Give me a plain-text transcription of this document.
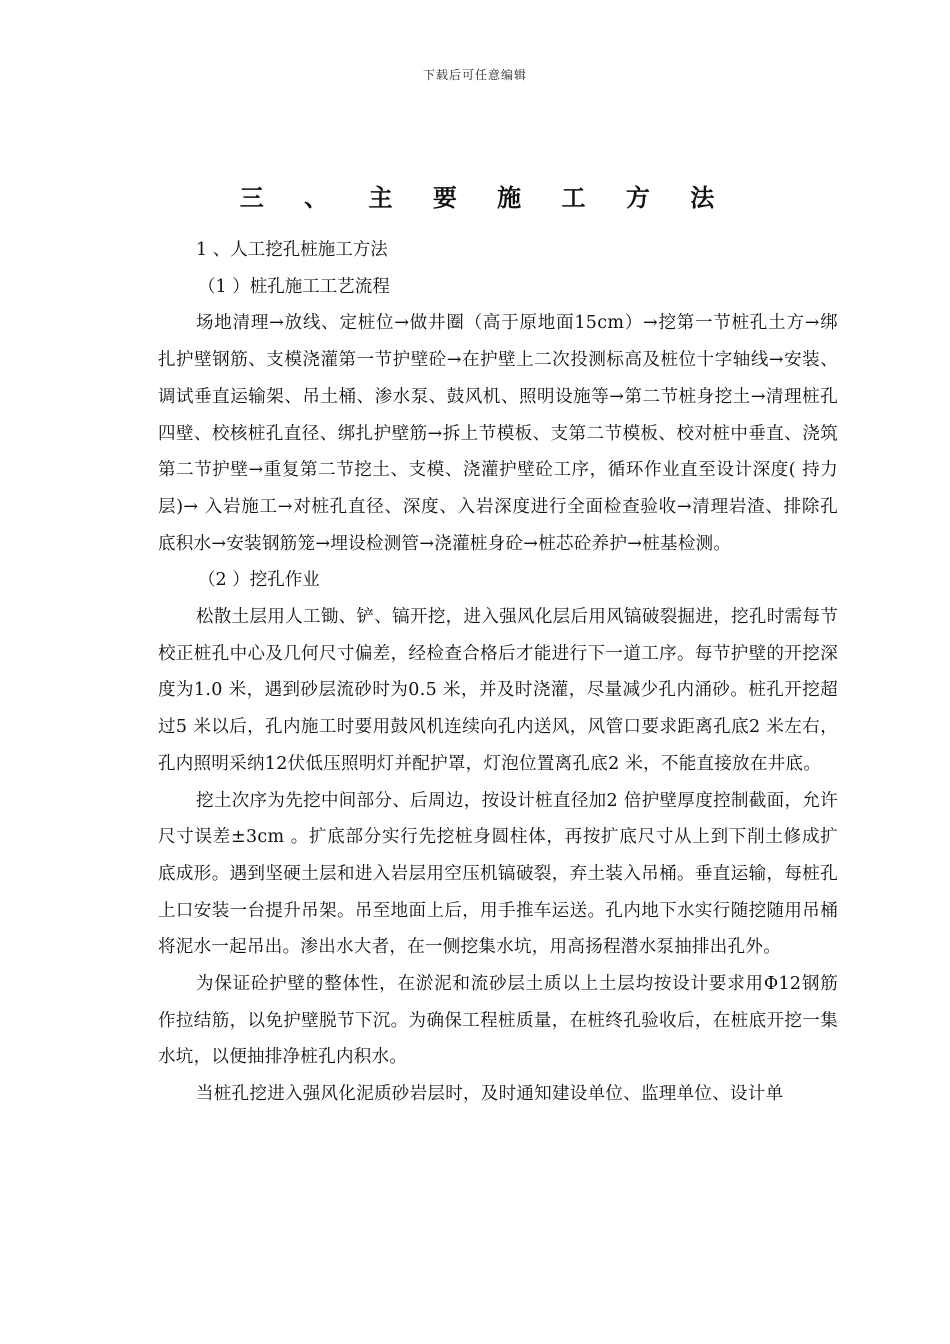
下载后可任意编辑
三 、 主 要 施 工 方 法

1 、人工挖孔桩施工方法

（1 ）桩孔施工工艺流程

场地清理→放线、定桩位→做井圈（高于原地面15cm）→挖第一节桩孔土方→绑扎护壁钢筋、支模浇灌第一节护壁砼→在护壁上二次投测标高及桩位十字轴线→安装、调试垂直运输架、吊土桶、渗水泵、鼓风机、照明设施等→第二节桩身挖土→清理桩孔四壁、校核桩孔直径、绑扎护壁筋→拆上节模板、支第二节模板、校对桩中垂直、浇筑第二节护壁→重复第二节挖土、支模、浇灌护壁砼工序，循环作业直至设计深度( 持力层)→ 入岩施工→对桩孔直径、深度、入岩深度进行全面检查验收→清理岩渣、排除孔底积水→安装钢筋笼→埋设检测管→浇灌桩身砼→桩芯砼养护→桩基检测。

（2 ）挖孔作业

松散土层用人工锄、铲、镐开挖，进入强风化层后用风镐破裂掘进，挖孔时需每节校正桩孔中心及几何尺寸偏差，经检查合格后才能进行下一道工序。每节护壁的开挖深度为1.0 米，遇到砂层流砂时为0.5 米，并及时浇灌，尽量减少孔内涌砂。桩孔开挖超过5 米以后，孔内施工时要用鼓风机连续向孔内送风，风管口要求距离孔底2 米左右，孔内照明采纳12伏低压照明灯并配护罩，灯泡位置离孔底2 米，不能直接放在井底。

挖土次序为先挖中间部分、后周边，按设计桩直径加2 倍护壁厚度控制截面，允许尺寸误差±3cm 。扩底部分实行先挖桩身圆柱体，再按扩底尺寸从上到下削土修成扩底成形。遇到坚硬土层和进入岩层用空压机镐破裂，弃土装入吊桶。垂直运输，每桩孔上口安装一台提升吊架。吊至地面上后，用手推车运送。孔内地下水实行随挖随用吊桶将泥水一起吊出。渗出水大者，在一侧挖集水坑，用高扬程潜水泵抽排出孔外。

为保证砼护壁的整体性，在淤泥和流砂层土质以上土层均按设计要求用Φ12钢筋作拉结筋，以免护壁脱节下沉。为确保工程桩质量，在桩终孔验收后，在桩底开挖一集水坑，以便抽排净桩孔内积水。

当桩孔挖进入强风化泥质砂岩层时，及时通知建设单位、监理单位、设计单
